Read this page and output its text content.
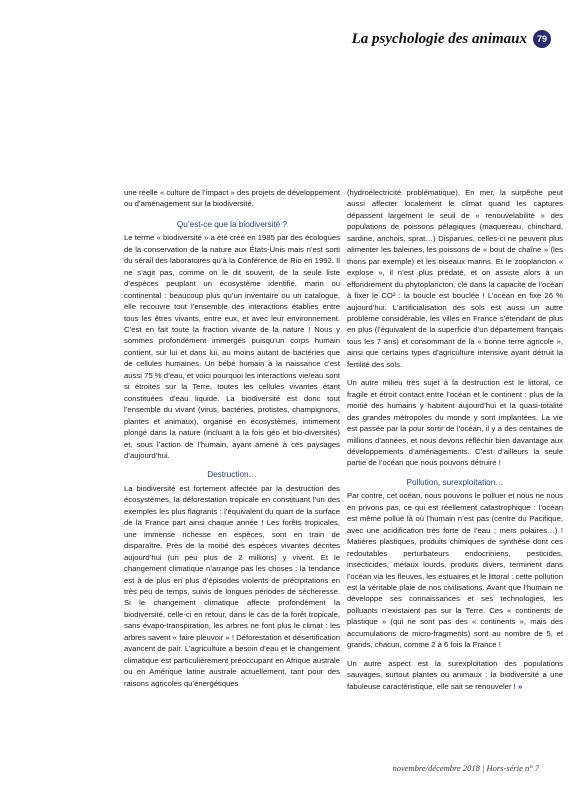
La psychologie des animaux	79

une réelle « culture de l’impact » des projets de développement ou d’aménagement sur la biodiversité.

Qu’est-ce que la biodiversité ?

Le terme « biodiversité » a été créé en 1985 par des écologues de la conservation de la nature aux États-Unis mais n’est sorti du sérail des laboratoires qu’à la Conférence de Rio en 1992. Il ne s’agit pas, comme on le dit souvent, de la seule liste d’espèces peuplant un écosystème identifié, marin ou continental : beaucoup plus qu’un inventaire ou un catalogue, elle recouvre tout l’ensemble des interactions établies entre tous les êtres vivants, entre eux, et avec leur environnement. C’est en fait toute la fraction vivante de la nature ! Nous y sommes profondément immergés puisqu’un corps humain contient, sur lui et dans lui, au moins autant de bactéries que de cellules humaines. Un bébé humain à la naissance c’est aussi 75 % d’eau, et voici pourquoi les interactions vie/eau sont si étroites sur la Terre, toutes les cellules vivantes étant constituées d’eau liquide. La biodiversité est donc tout l’ensemble du vivant (virus, bactéries, protistes, champignons, plantes et animaux), organisé en écosystèmes, intimement plongé dans la nature (incluant à la fois géo et bio-diversités) et, sous l’action de l’humain, ayant amené à ces paysages d’aujourd’hui.

Destruction…

La biodiversité est fortement affectée par la destruction des écosystèmes, la déforestation tropicale en constituant l’un des exemples les plus flagrants : l’équivalent du quart de la surface de la France part ainsi chaque année ! Les forêts tropicales, une immense richesse en espèces, sont en train de disparaître. Près de la moitié des espèces vivantes décrites aujourd’hui (un peu plus de 2 millions) y vivent. Et le changement climatique n’arrange pas les choses : la tendance est à de plus en plus d’épisodes violents de précipitations en très peu de temps, suivis de longues périodes de sécheresse. Si le changement climatique affecte profondément la biodiversité, celle-ci en retour, dans le cas de la forêt tropicale, sans évapo-transpiration, les arbres ne font plus le climat : les arbres savent « faire pleuvoir » ! Déforestation et désertification avancent de pair. L’agriculture a besoin d’eau et le changement climatique est particulièrement préoccupant en Afrique australe ou en Amérique latine australe actuellement, tant pour des raisons agricoles qu’énergétiques

(hydroélectricité problématique). En mer, la surpêche peut aussi affecter localement le climat quand les captures dépassent largement le seuil de « renouvelabilité » des populations de poissons pélagiques (maquereau, chinchard, sardine, anchois, sprat…) Disparues, celles-ci ne peuvent plus alimenter les baleines, les poissons de « bout de chaîne » (les thons par exemple) et les oiseaux marins. Et le zooplancton « explose », il n’est plus prédaté, et on assiste alors à un effondrement du phytoplancton, clé dans la capacité de l’océan à fixer le CO² : la boucle est bouclée ! L’océan en fixe 26 % aujourd’hui. L’artificialisation des sols est aussi un autre problème considérable, les villes en France s’étendant de plus en plus (l’équivalent de la superficie d’un département français tous les 7 ans) et consommant de la « bonne terre agricole », ainsi que certains types d’agriculture intensive ayant détruit la fertilité des sols.

Un autre milieu très sujet à la destruction est le littoral, ce fragile et étroit contact entre l’océan et le continent : plus de la moitié des humains y habitent aujourd’hui et la quasi-totalité des grandes métropoles du monde y sont implantées. La vie est passée par là pour sortir de l’océan, il y a des centaines de millions d’années, et nous devons réfléchir bien davantage aux développements d’aménagements. C’est d’ailleurs la seule partie de l’océan que nous pouvons détruire !

Pollution, surexploitation…

Par contre, cet océan, nous pouvons le polluer et nous ne nous en privons pas, ce qui est réellement catastrophique : l’océan est même pollué là où l’humain n’est pas (centre du Pacifique, avec une acidification très forte de l’eau ; mers polaires…) ! Matières plastiques, produits chimiques de synthèse dont ces redoutables perturbateurs endocriniens, pesticides, insecticides, métaux lourds, produits divers, terminent dans l’océan via les fleuves, les estuaires et le littoral : cette pollution est la véritable plaie de nos civilisations. Avant que l’humain ne développe ses connaissances et ses technologies, les polluants n’existaient pas sur la Terre. Ces « continents de plastique » (qui ne sont pas des « continents », mais des accumulations de micro-fragments) sont au nombre de 5, et grands, chacun, comme 2 à 6 fois la France !

Un autre aspect est la surexploitation des populations sauvages, surtout plantes ou animaux : la biodiversité a une fabuleuse caractéristique, elle sait se renouveler ! »

novembre/décembre 2018 | Hors-série n° 7
